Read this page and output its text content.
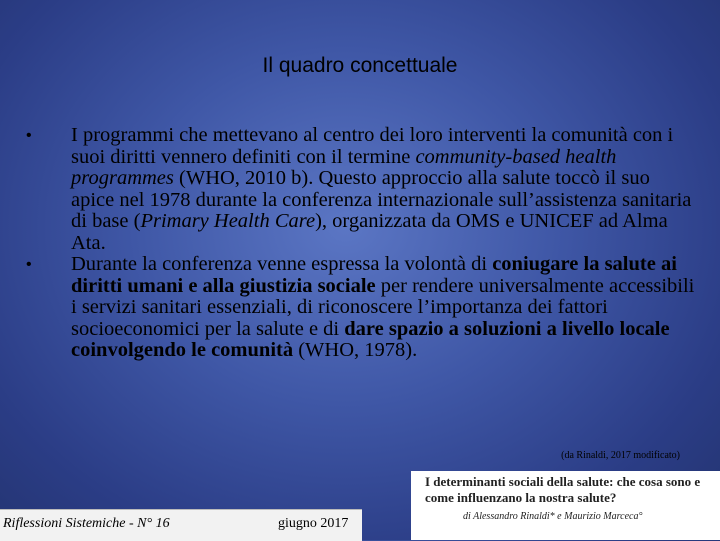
Il quadro concettuale
•	I programmi che mettevano al centro dei loro interventi la comunità con i suoi diritti vennero definiti con il termine community-based health programmes (WHO, 2010 b). Questo approccio alla salute toccò il suo apice nel 1978 durante la conferenza internazionale sull’assistenza sanitaria di base (Primary Health Care), organizzata da OMS e UNICEF ad Alma Ata.
•	Durante la conferenza venne espressa la volontà di coniugare la salute ai diritti umani e alla giustizia sociale per rendere universalmente accessibili i servizi sanitari essenziali, di riconoscere l’importanza dei fattori socioeconomici per la salute e di dare spazio a soluzioni a livello locale coinvolgendo le comunità (WHO, 1978).
(da Rinaldi, 2017 modificato)
Riflessioni Sistemiche - N° 16	giugno 2017
I determinanti sociali della salute: che cosa sono e come influenzano la nostra salute?
di Alessandro Rinaldi* e Maurizio Marceca°
